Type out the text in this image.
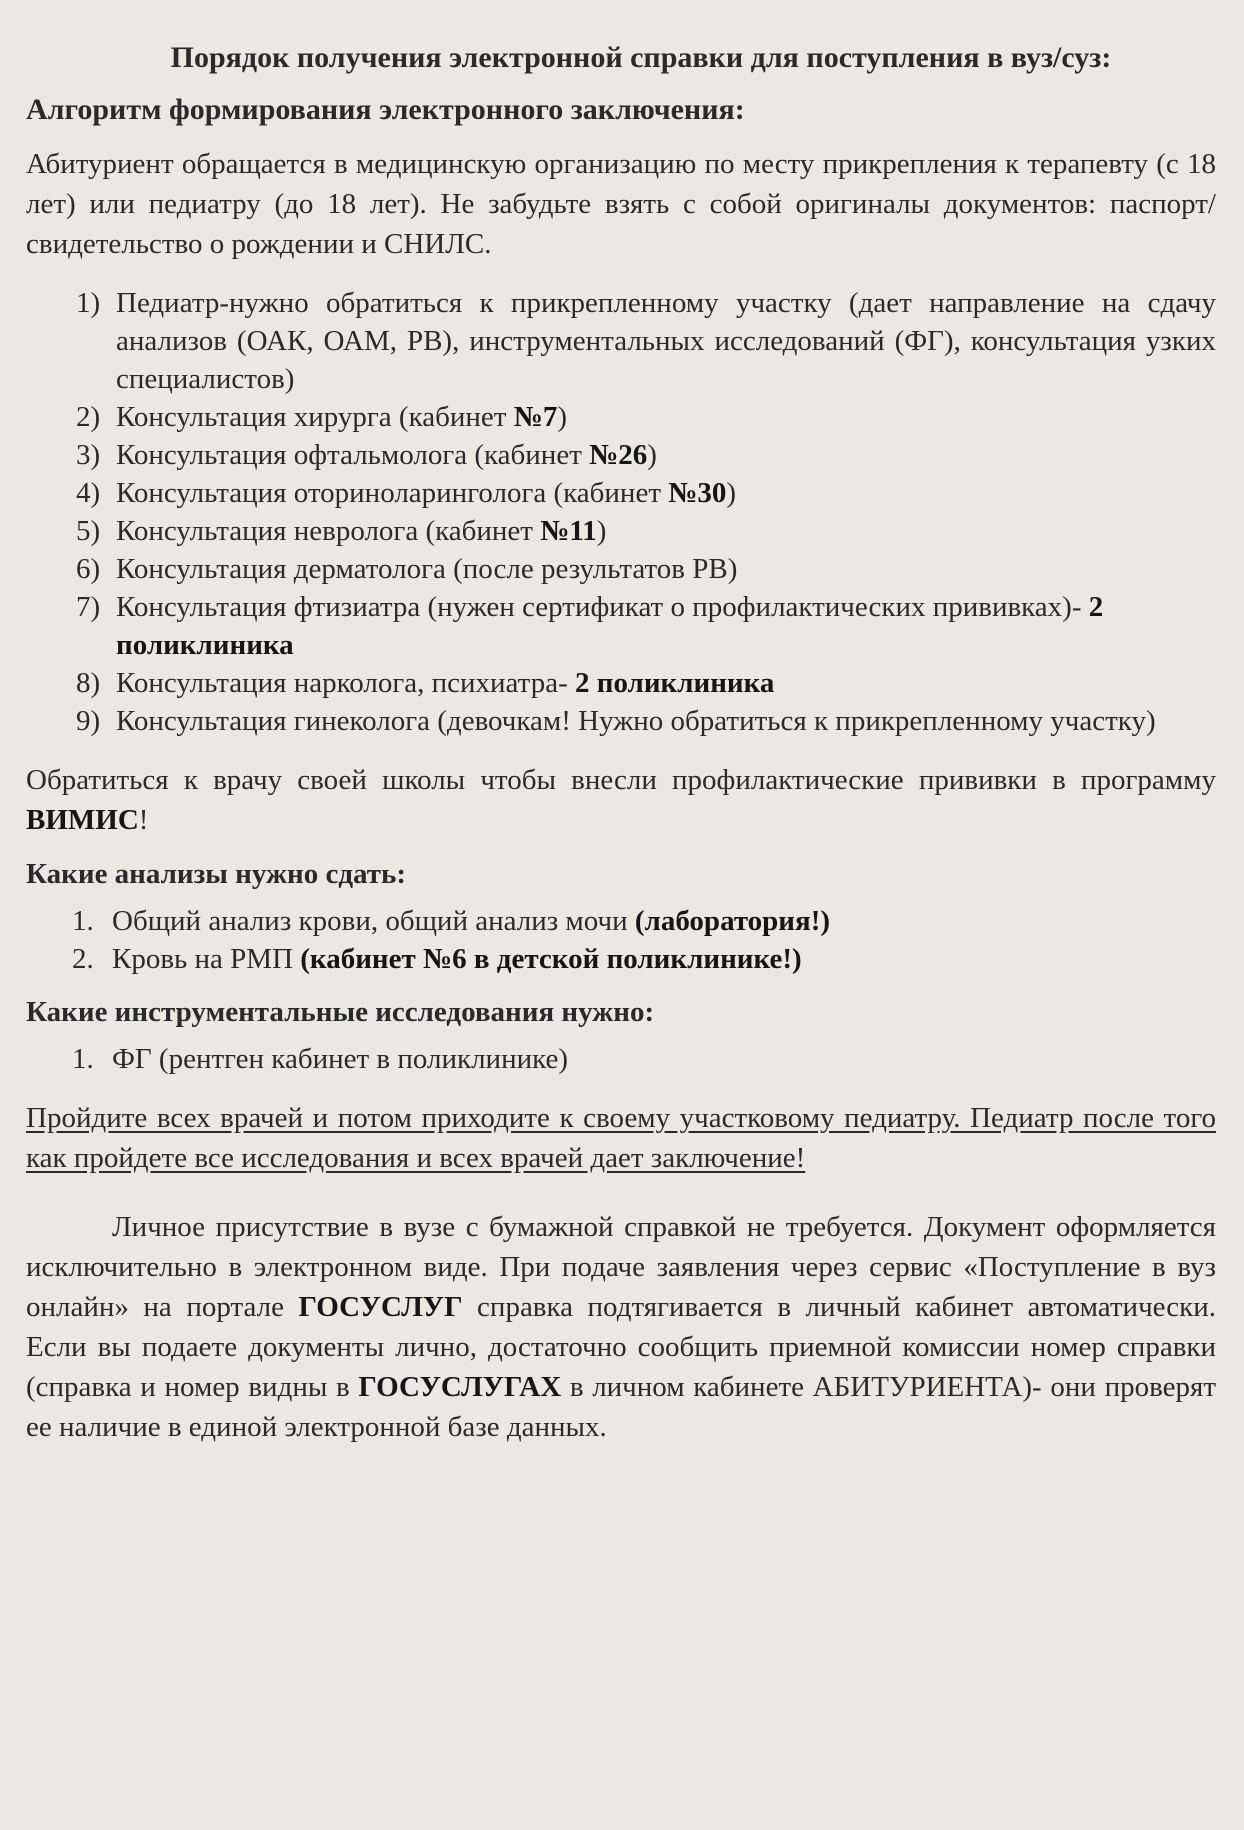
Порядок получения электронной справки для поступления в вуз/суз:
Алгоритм формирования электронного заключения:

Абитуриент обращается в медицинскую организацию по месту прикрепления к терапевту (с 18 лет) или педиатру (до 18 лет). Не забудьте взять с собой оригиналы документов: паспорт/свидетельство о рождении и СНИЛС.

1) Педиатр-нужно обратиться к прикрепленному участку (дает направление на сдачу анализов (ОАК, ОАМ, РВ), инструментальных исследований (ФГ), консультация узких специалистов)
2) Консультация хирурга (кабинет №7)
3) Консультация офтальмолога (кабинет №26)
4) Консультация оториноларинголога (кабинет №30)
5) Консультация невролога (кабинет №11)
6) Консультация дерматолога (после результатов РВ)
7) Консультация фтизиатра (нужен сертификат о профилактических прививках)- 2 поликлиника
8) Консультация нарколога, психиатра- 2 поликлиника
9) Консультация гинеколога (девочкам! Нужно обратиться к прикрепленному участку)

Обратиться к врачу своей школы чтобы внесли профилактические прививки в программу ВИМИС!

Какие анализы нужно сдать:
1. Общий анализ крови, общий анализ мочи (лаборатория!)
2. Кровь на РМП (кабинет №6 в детской поликлинике!)
Какие инструментальные исследования нужно:
1. ФГ (рентген кабинет в поликлинике)

Пройдите всех врачей и потом приходите к своему участковому педиатру. Педиатр после того как пройдете все исследования и всех врачей дает заключение!

Личное присутствие в вузе с бумажной справкой не требуется. Документ оформляется исключительно в электронном виде. При подаче заявления через сервис «Поступление в вуз онлайн» на портале ГОСУСЛУГ справка подтягивается в личный кабинет автоматически. Если вы подаете документы лично, достаточно сообщить приемной комиссии номер справки (справка и номер видны в ГОСУСЛУГАХ в личном кабинете АБИТУРИЕНТА)- они проверят ее наличие в единой электронной базе данных.
